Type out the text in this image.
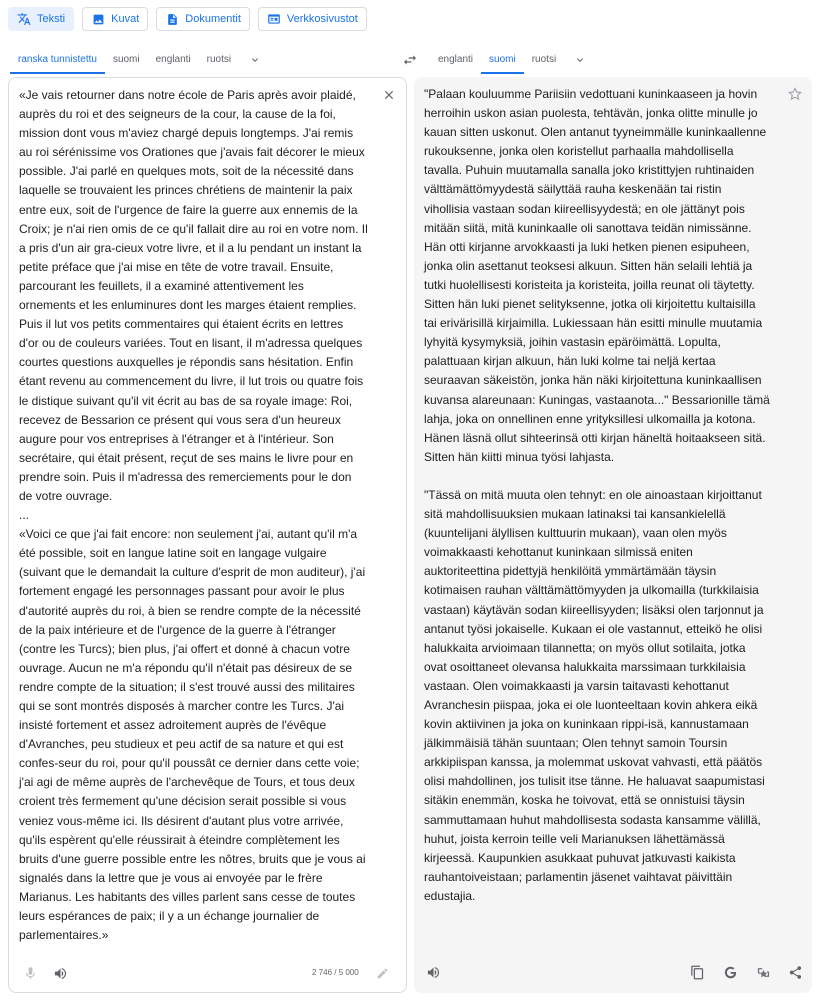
Teksti	Kuvat	Dokumentit	Verkkosivustot
ranska tunnistettu	suomi	englanti	ruotsi	englanti	suomi	ruotsi
«Je vais retourner dans notre école de Paris après avoir plaidé,
auprès du roi et des seigneurs de la cour, la cause de la foi,
mission dont vous m'aviez chargé depuis longtemps. J'ai remis
au roi sérénissime vos Orationes que j'avais fait décorer le mieux
possible. J'ai parlé en quelques mots, soit de la nécessité dans
laquelle se trouvaient les princes chrétiens de maintenir la paix
entre eux, soit de l'urgence de faire la guerre aux ennemis de la
Croix; je n'ai rien omis de ce qu'il fallait dire au roi en votre nom. Il
a pris d'un air gra-cieux votre livre, et il a lu pendant un instant la
petite préface que j'ai mise en tête de votre travail. Ensuite,
parcourant les feuillets, il a examiné attentivement les
ornements et les enluminures dont les marges étaient remplies.
Puis il lut vos petits commentaires qui étaient écrits en lettres
d'or ou de couleurs variées. Tout en lisant, il m'adressa quelques
courtes questions auxquelles je répondis sans hésitation. Enfin
étant revenu au commencement du livre, il lut trois ou quatre fois
le distique suivant qu'il vit écrit au bas de sa royale image: Roi,
recevez de Bessarion ce présent qui vous sera d'un heureux
augure pour vos entreprises à l'étranger et à l'intérieur. Son
secrétaire, qui était présent, reçut de ses mains le livre pour en
prendre soin. Puis il m'adressa des remerciements pour le don
de votre ouvrage.
...
«Voici ce que j'ai fait encore: non seulement j'ai, autant qu'il m'a
été possible, soit en langue latine soit en langage vulgaire
(suivant que le demandait la culture d'esprit de mon auditeur), j'ai
fortement engagé les personnages passant pour avoir le plus
d'autorité auprès du roi, à bien se rendre compte de la nécessité
de la paix intérieure et de l'urgence de la guerre à l'étranger
(contre les Turcs); bien plus, j'ai offert et donné à chacun votre
ouvrage. Aucun ne m'a répondu qu'il n'était pas désireux de se
rendre compte de la situation; il s'est trouvé aussi des militaires
qui se sont montrés disposés à marcher contre les Turcs. J'ai
insisté fortement et assez adroitement auprès de l'évêque
d'Avranches, peu studieux et peu actif de sa nature et qui est
confes-seur du roi, pour qu'il poussât ce dernier dans cette voie;
j'ai agi de même auprès de l'archevêque de Tours, et tous deux
croient très fermement qu'une décision serait possible si vous
veniez vous-même ici. Ils désirent d'autant plus votre arrivée,
qu'ils espèrent qu'elle réussirait à éteindre complètement les
bruits d'une guerre possible entre les nôtres, bruits que je vous ai
signalés dans la lettre que je vous ai envoyée par le frère
Marianus. Les habitants des villes parlent sans cesse de toutes
leurs espérances de paix; il y a un échange journalier de
parlementaires.»
2 746 / 5 000
"Palaan kouluumme Pariisiin vedottuani kuninkaaseen ja hovin
herroihin uskon asian puolesta, tehtävän, jonka olitte minulle jo
kauan sitten uskonut. Olen antanut tyyneimmälle kuninkaallenne
rukouksenne, jonka olen koristellut parhaalla mahdollisella
tavalla. Puhuin muutamalla sanalla joko kristittyjen ruhtinaiden
välttämättömyydestä säilyttää rauha keskenään tai ristin
vihollisia vastaan sodan kiireellisyydestä; en ole jättänyt pois
mitään siitä, mitä kuninkaalle oli sanottava teidän nimissänne.
Hän otti kirjanne arvokkaasti ja luki hetken pienen esipuheen,
jonka olin asettanut teoksesi alkuun. Sitten hän selaili lehtiä ja
tutki huolellisesti koristeita ja koristeita, joilla reunat oli täytetty.
Sitten hän luki pienet selityksenne, jotka oli kirjoitettu kultaisilla
tai erivärisillä kirjaimilla. Lukiessaan hän esitti minulle muutamia
lyhyitä kysymyksiä, joihin vastasin epäröimättä. Lopulta,
palattuaan kirjan alkuun, hän luki kolme tai neljä kertaa
seuraavan säkeistön, jonka hän näki kirjoitettuna kuninkaallisen
kuvansa alareunaan: Kuningas, vastaanota..." Bessarionille tämä
lahja, joka on onnellinen enne yrityksillesi ulkomailla ja kotona.
Hänen läsnä ollut sihteerinsä otti kirjan häneltä hoitaakseen sitä.
Sitten hän kiitti minua työsi lahjasta.

"Tässä on mitä muuta olen tehnyt: en ole ainoastaan kirjoittanut
sitä mahdollisuuksien mukaan latinaksi tai kansankielellä
(kuuntelijani älyllisen kulttuurin mukaan), vaan olen myös
voimakkaasti kehottanut kuninkaan silmissä eniten
auktoriteettina pidettyjä henkilöitä ymmärtämään täysin
kotimaisen rauhan välttämättömyyden ja ulkomailla (turkkilaisia
vastaan) käytävän sodan kiireellisyyden; lisäksi olen tarjonnut ja
antanut työsi jokaiselle. Kukaan ei ole vastannut, etteikö he olisi
halukkaita arvioimaan tilannetta; on myös ollut sotilaita, jotka
ovat osoittaneet olevansa halukkaita marssimaan turkkilaisia
vastaan. Olen voimakkaasti ja varsin taitavasti kehottanut
Avranchesin piispaa, joka ei ole luonteeltaan kovin ahkera eikä
kovin aktiivinen ja joka on kuninkaan rippi-isä, kannustamaan
jälkimmäisiä tähän suuntaan; Olen tehnyt samoin Toursin
arkkipiispan kanssa, ja molemmat uskovat vahvasti, että päätös
olisi mahdollinen, jos tulisit itse tänne. He haluavat saapumistasi
sitäkin enemmän, koska he toivovat, että se onnistuisi täysin
sammuttamaan huhut mahdollisesta sodasta kansamme välillä,
huhut, joista kerroin teille veli Marianuksen lähettämässä
kirjeessä. Kaupunkien asukkaat puhuvat jatkuvasti kaikista
rauhantoiveistaan; parlamentin jäsenet vaihtavat päivittäin
edustajia.
